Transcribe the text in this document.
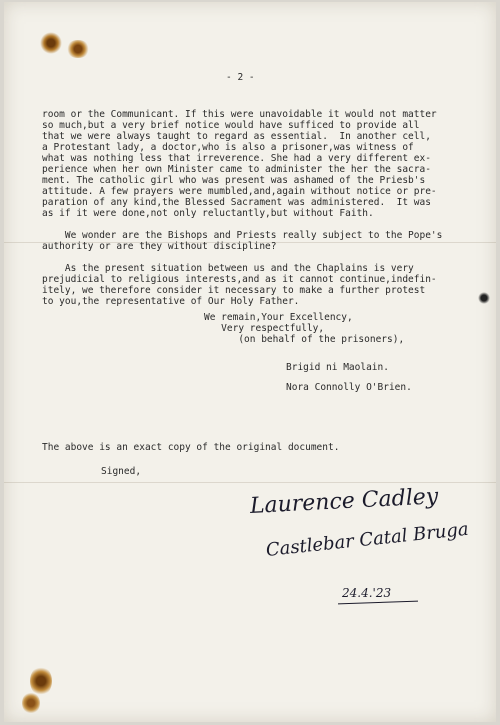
- 2 -
room or the Communicant. If this were unavoidable it would not matter
so much,but a very brief notice would have sufficed to provide all
that we were always taught to regard as essential.  In another cell,
a Protestant lady, a doctor,who is also a prisoner,was witness of
what was nothing less that irreverence. She had a very different ex-
perience when her own Minister came to administer the her the sacra-
ment. The catholic girl who was present was ashamed of the Priesb's
attitude. A few prayers were mumbled,and,again without notice or pre-
paration of any kind,the Blessed Sacrament was administered.  It was
as if it were done,not only reluctantly,but without Faith.

We wonder are the Bishops and Priests really subject to the Pope's
authority or are they without discipline?

As the present situation between us and the Chaplains is very
prejudicial to religious interests,and as it cannot continue,indefin-
itely, we therefore consider it necessary to make a further protest
to you,the representative of Our Holy Father.
We remain,Your Excellency,
Very respectfully,
(on behalf of the prisoners),
Brigid ni Maolain.
Nora Connolly O'Brien.
The above is an exact copy of the original document.
Signed,
Laurence Cadley
Castlebar Catal Bruga
24.4.'23
